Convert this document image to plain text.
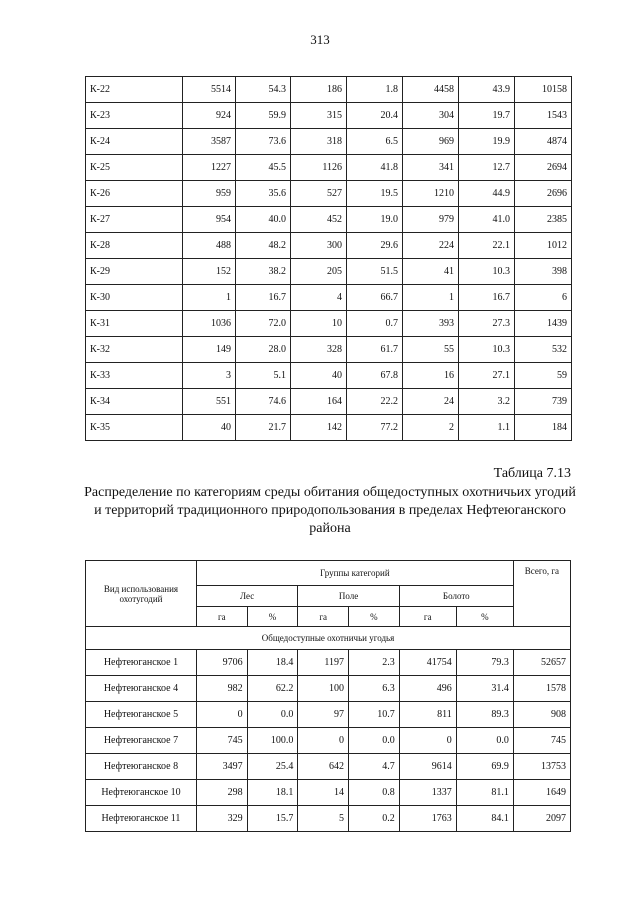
313
К-22	5514	54.3	186	1.8	4458	43.9	10158
К-23	924	59.9	315	20.4	304	19.7	1543
К-24	3587	73.6	318	6.5	969	19.9	4874
К-25	1227	45.5	1126	41.8	341	12.7	2694
К-26	959	35.6	527	19.5	1210	44.9	2696
К-27	954	40.0	452	19.0	979	41.0	2385
К-28	488	48.2	300	29.6	224	22.1	1012
К-29	152	38.2	205	51.5	41	10.3	398
К-30	1	16.7	4	66.7	1	16.7	6
К-31	1036	72.0	10	0.7	393	27.3	1439
К-32	149	28.0	328	61.7	55	10.3	532
К-33	3	5.1	40	67.8	16	27.1	59
К-34	551	74.6	164	22.2	24	3.2	739
К-35	40	21.7	142	77.2	2	1.1	184
Таблица 7.13
Распределение по категориям среды обитания общедоступных охотничьих угодий и территорий традиционного природопользования в пределах Нефтеюганского района
Вид использования охотугодий	Группы категорий						Всего, га
	Лес		Поле		Болото		
	га	%	га	%	га	%	
Общедоступные охотничьи угодья							
Нефтеюганское 1	9706	18.4	1197	2.3	41754	79.3	52657
Нефтеюганское 4	982	62.2	100	6.3	496	31.4	1578
Нефтеюганское 5	0	0.0	97	10.7	811	89.3	908
Нефтеюганское 7	745	100.0	0	0.0	0	0.0	745
Нефтеюганское 8	3497	25.4	642	4.7	9614	69.9	13753
Нефтеюганское 10	298	18.1	14	0.8	1337	81.1	1649
Нефтеюганское 11	329	15.7	5	0.2	1763	84.1	2097
